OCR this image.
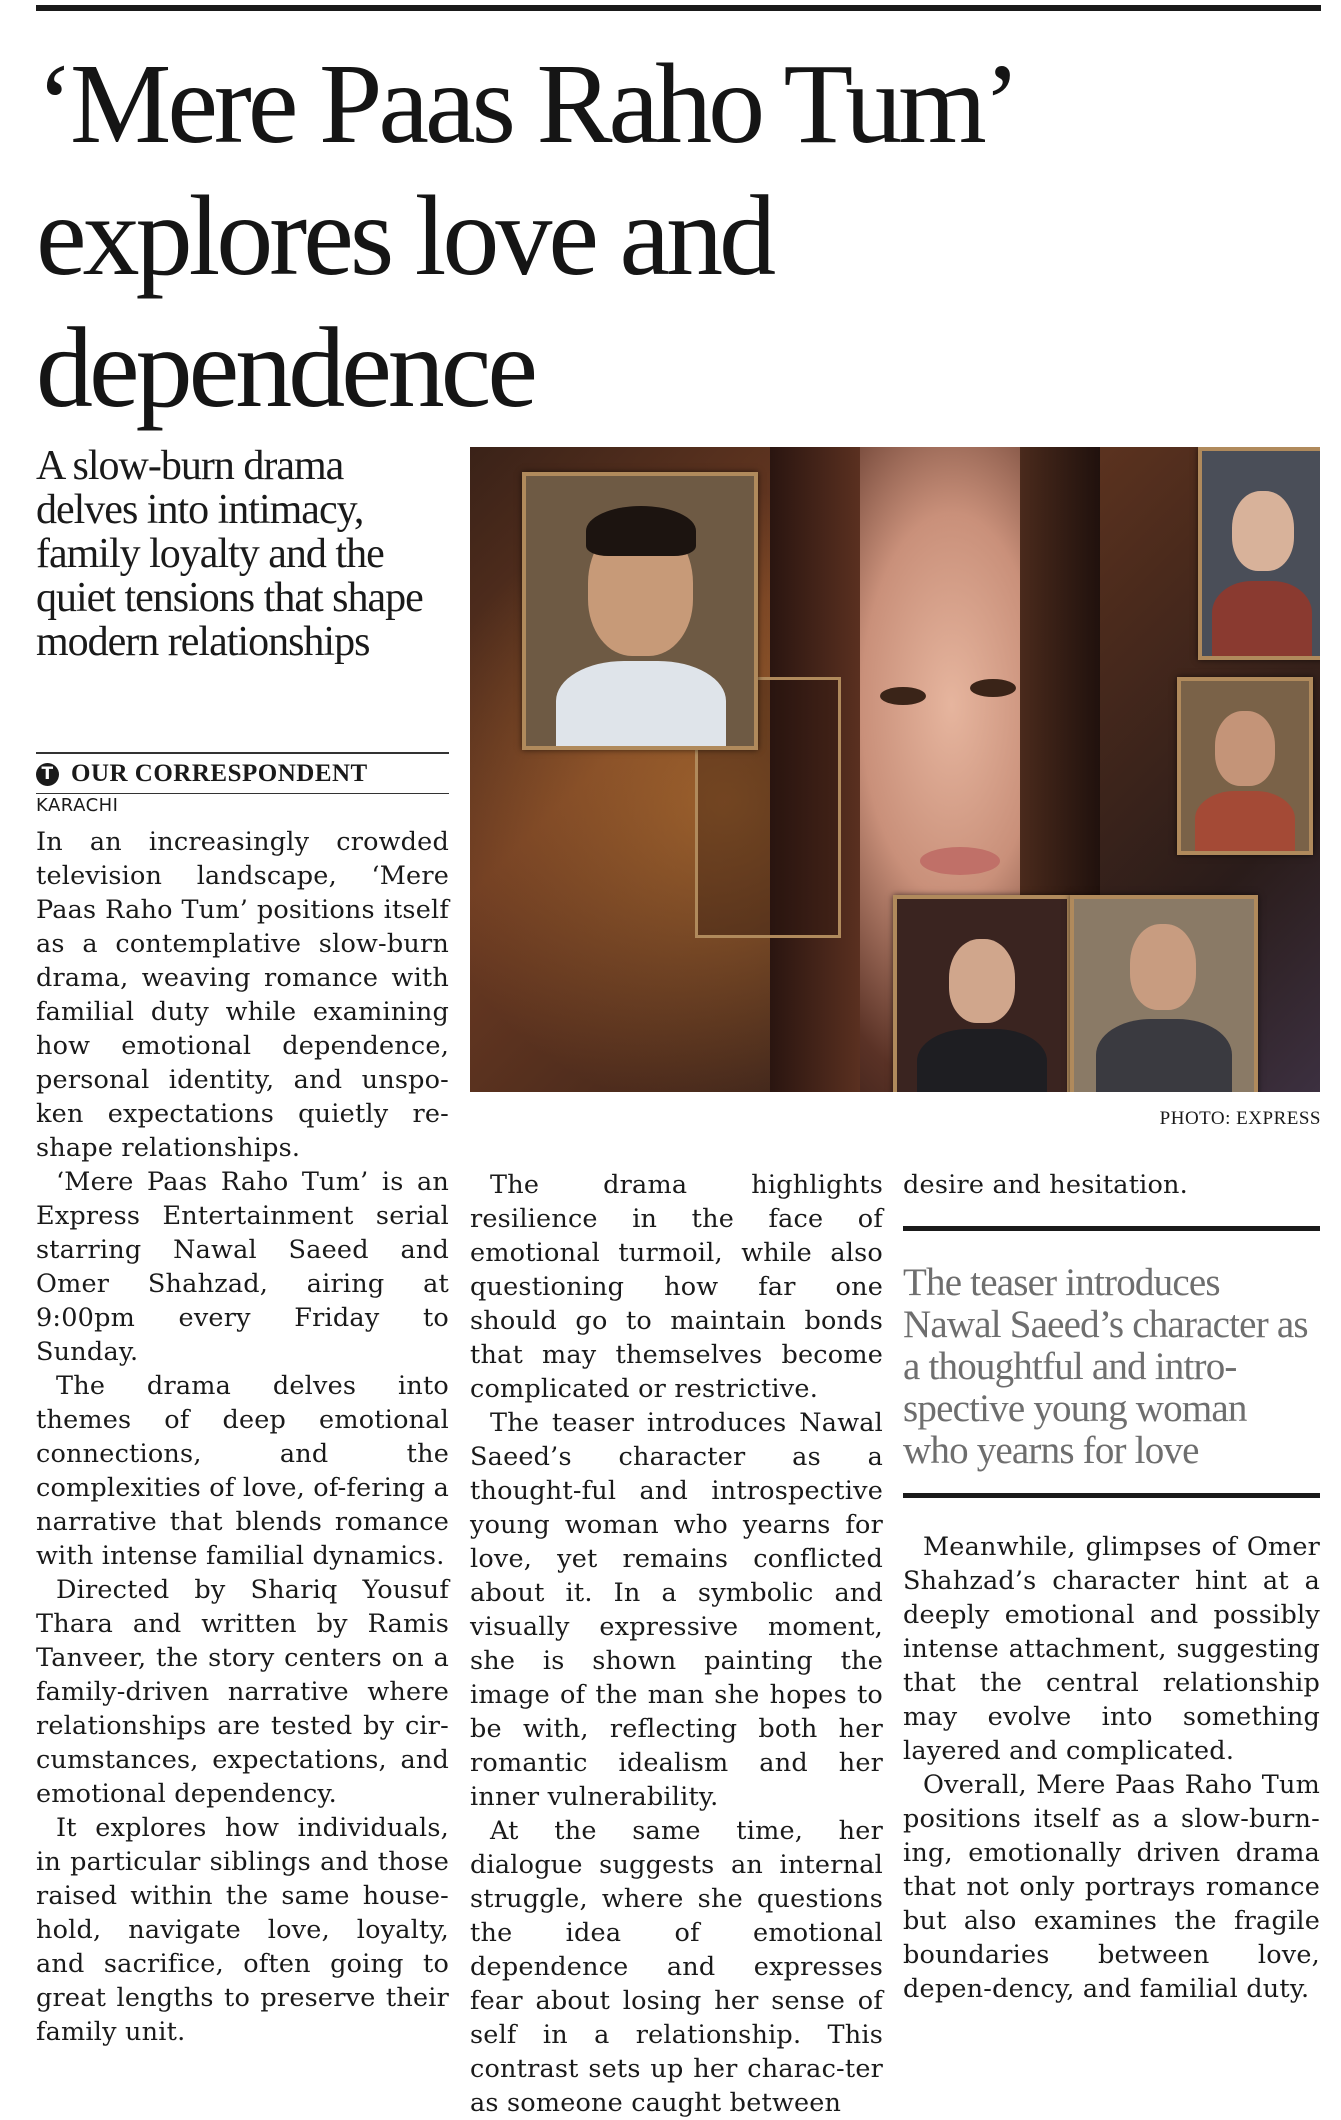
‘Mere Paas Raho Tum’ explores love and dependence

A slow-burn drama delves into intimacy, family loyalty and the quiet tensions that shape modern relationships

T OUR CORRESPONDENT
KARACHI
PHOTO: EXPRESS

In an increasingly crowded television landscape, ‘Mere Paas Raho Tum’ positions itself as a contemplative slow-burn drama, weaving romance with familial duty while examining how emotional dependence, personal identity, and unspo-ken expectations quietly re-shape relationships.

‘Mere Paas Raho Tum’ is an Express Entertainment serial starring Nawal Saeed and Omer Shahzad, airing at 9:00pm every Friday to Sunday.

The drama delves into themes of deep emotional connections, and the complexities of love, of-fering a narrative that blends romance with intense familial dynamics.

Directed by Shariq Yousuf Thara and written by Ramis Tanveer, the story centers on a family-driven narrative where relationships are tested by cir-cumstances, expectations, and emotional dependency.

It explores how individuals, in particular siblings and those raised within the same house-hold, navigate love, loyalty, and sacrifice, often going to great lengths to preserve their family unit.

The drama highlights resilience in the face of emotional turmoil, while also questioning how far one should go to maintain bonds that may themselves become complicated or restrictive.

The teaser introduces Nawal Saeed’s character as a thought-ful and introspective young woman who yearns for love, yet remains conflicted about it. In a symbolic and visually expressive moment, she is shown painting the image of the man she hopes to be with, reflecting both her romantic idealism and her inner vulnerability.

At the same time, her dialogue suggests an internal struggle, where she questions the idea of emotional dependence and expresses fear about losing her sense of self in a relationship. This contrast sets up her charac-ter as someone caught between

desire and hesitation.

The teaser introduces Nawal Saeed’s character as a thoughtful and intro-spective young woman who yearns for love

Meanwhile, glimpses of Omer Shahzad’s character hint at a deeply emotional and possibly intense attachment, suggesting that the central relationship may evolve into something layered and complicated.

Overall, Mere Paas Raho Tum positions itself as a slow-burn-ing, emotionally driven drama that not only portrays romance but also examines the fragile boundaries between love, depen-dency, and familial duty.
